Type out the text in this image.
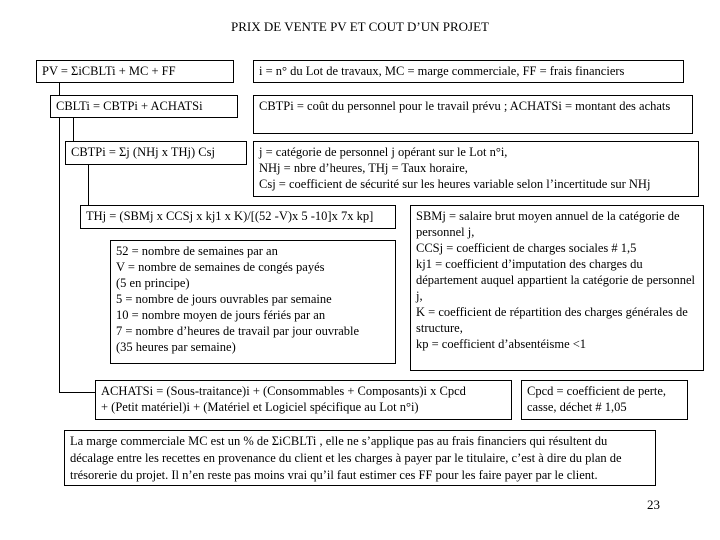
PRIX DE VENTE PV ET COUT D’UN PROJET
PV = ΣiCBLTi + MC + FF	i = n° du Lot de travaux, MC = marge commerciale, FF = frais financiers
CBLTi = CBTPi + ACHATSi	CBTPi = coût du personnel pour le travail prévu ; ACHATSi = montant des achats
CBTPi = Σj (NHj x THj) Csj	j = catégorie de personnel j opérant sur le Lot n°i,
NHj = nbre d’heures, THj = Taux horaire,
Csj = coefficient de sécurité sur les heures variable selon l’incertitude sur NHj
THj = (SBMj x CCSj x kj1 x K)/[(52 -V)x 5 -10]x 7x kp]	SBMj = salaire brut moyen annuel de la catégorie de personnel j,
CCSj = coefficient de charges sociales # 1,5
kj1 = coefficient d’imputation des charges du département auquel appartient la catégorie de personnel j,
K = coefficient de répartition des charges générales de structure,
kp = coefficient d’absentéisme <1
52 = nombre de semaines par an
V = nombre de semaines de congés payés
(5 en principe)
5 = nombre de jours ouvrables par semaine
10 = nombre moyen de jours fériés par an
7 = nombre d’heures de travail par jour ouvrable
(35 heures par semaine)
ACHATSi = (Sous-traitance)i + (Consommables + Composants)i x Cpcd
+ (Petit matériel)i + (Matériel et Logiciel spécifique au Lot n°i)
Cpcd = coefficient de perte, casse, déchet # 1,05
La marge commerciale MC est un % de ΣiCBLTi , elle ne s’applique pas au frais financiers qui résultent du décalage entre les recettes en provenance du client et les charges à payer par le titulaire, c’est à dire du plan de trésorerie du projet. Il n’en reste pas moins vrai qu’il faut estimer ces FF pour les faire payer par le client.
23
